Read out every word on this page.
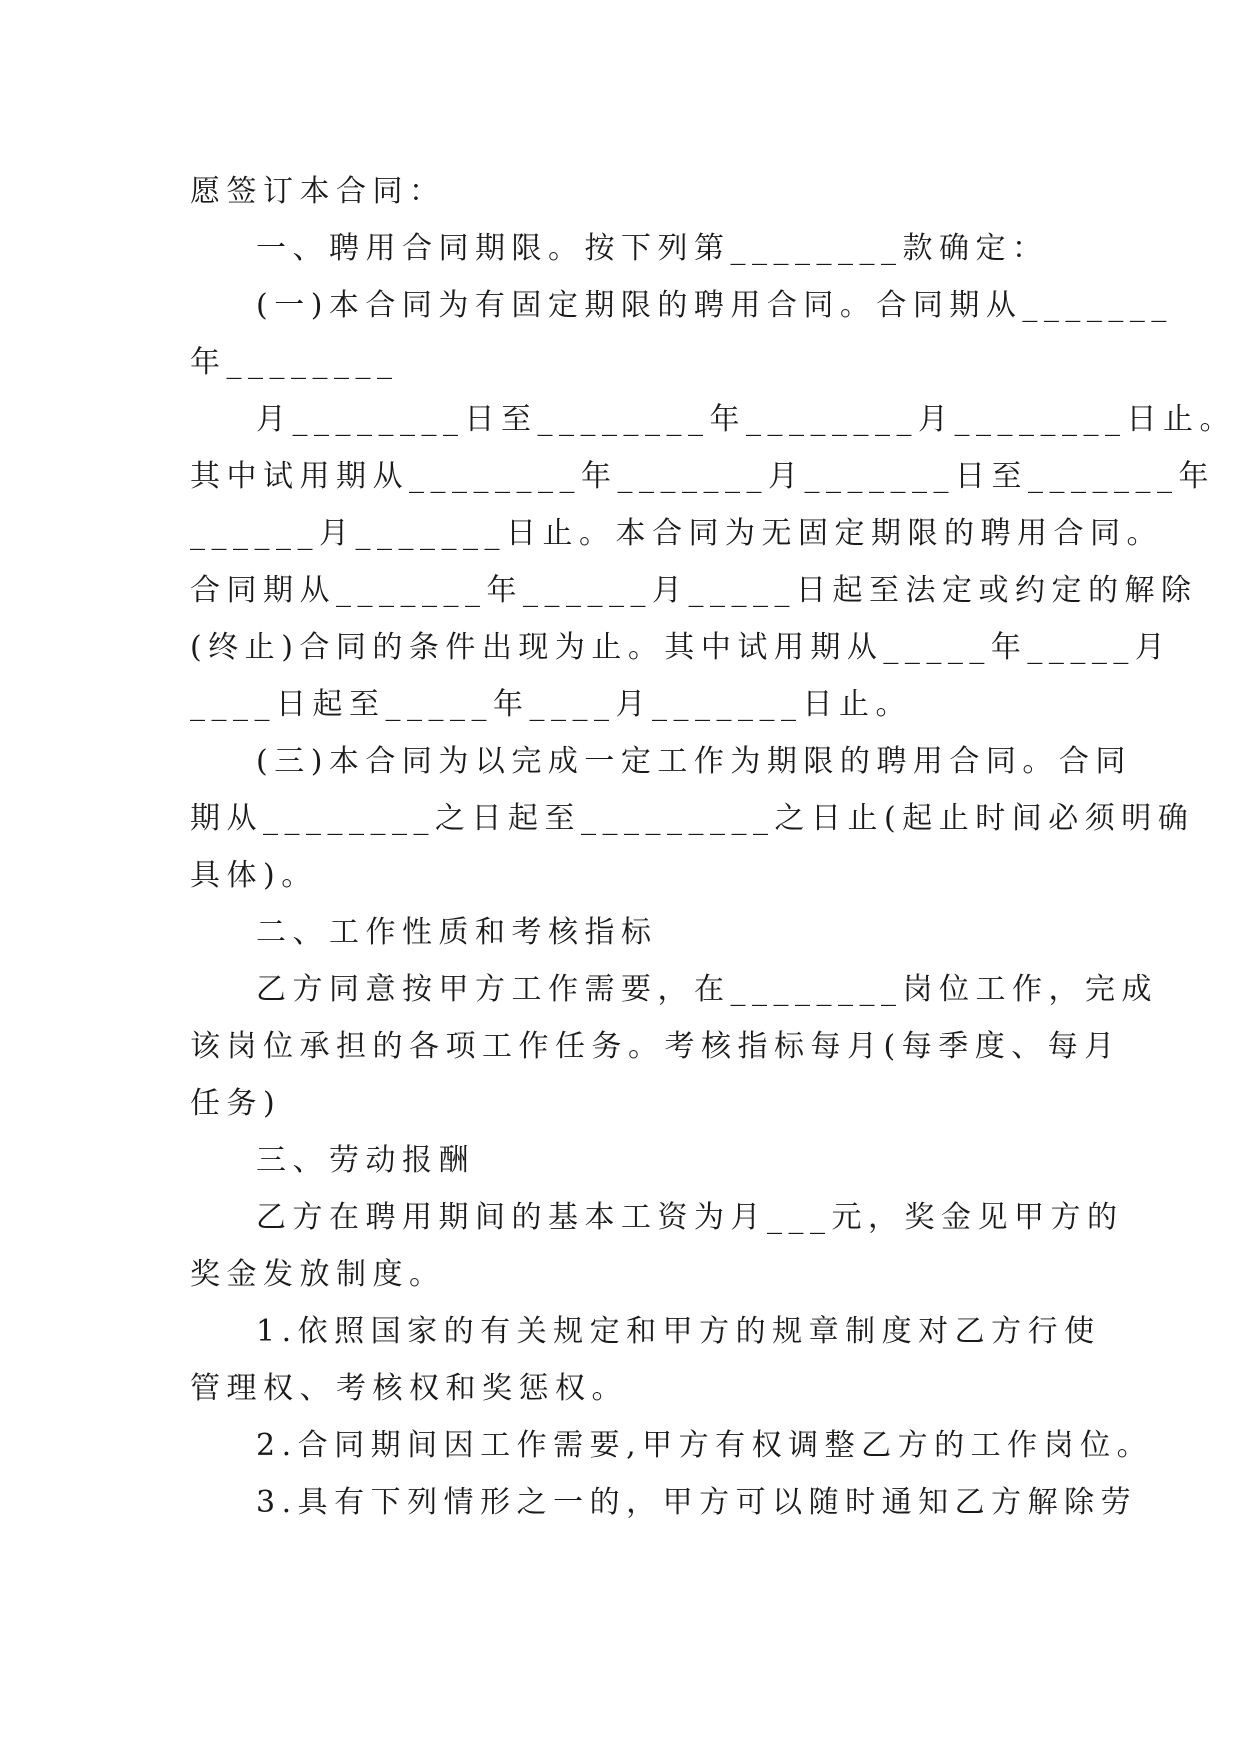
愿签订本合同：
一、聘用合同期限。按下列第________款确定：
(一)本合同为有固定期限的聘用合同。合同期从_______
年________
月________日至________年________月________日止。
其中试用期从________年_______月_______日至_______年
______月_______日止。本合同为无固定期限的聘用合同。
合同期从_______年______月_____日起至法定或约定的解除
(终止)合同的条件出现为止。其中试用期从_____年_____月
____日起至_____年____月_______日止。
(三)本合同为以完成一定工作为期限的聘用合同。合同
期从________之日起至_________之日止(起止时间必须明确
具体)。
二、工作性质和考核指标
乙方同意按甲方工作需要，在________岗位工作，完成
该岗位承担的各项工作任务。考核指标每月(每季度、每月
任务)
三、劳动报酬
乙方在聘用期间的基本工资为月___元，奖金见甲方的
奖金发放制度。
1.依照国家的有关规定和甲方的规章制度对乙方行使
管理权、考核权和奖惩权。
2.合同期间因工作需要,甲方有权调整乙方的工作岗位。
3.具有下列情形之一的，甲方可以随时通知乙方解除劳
